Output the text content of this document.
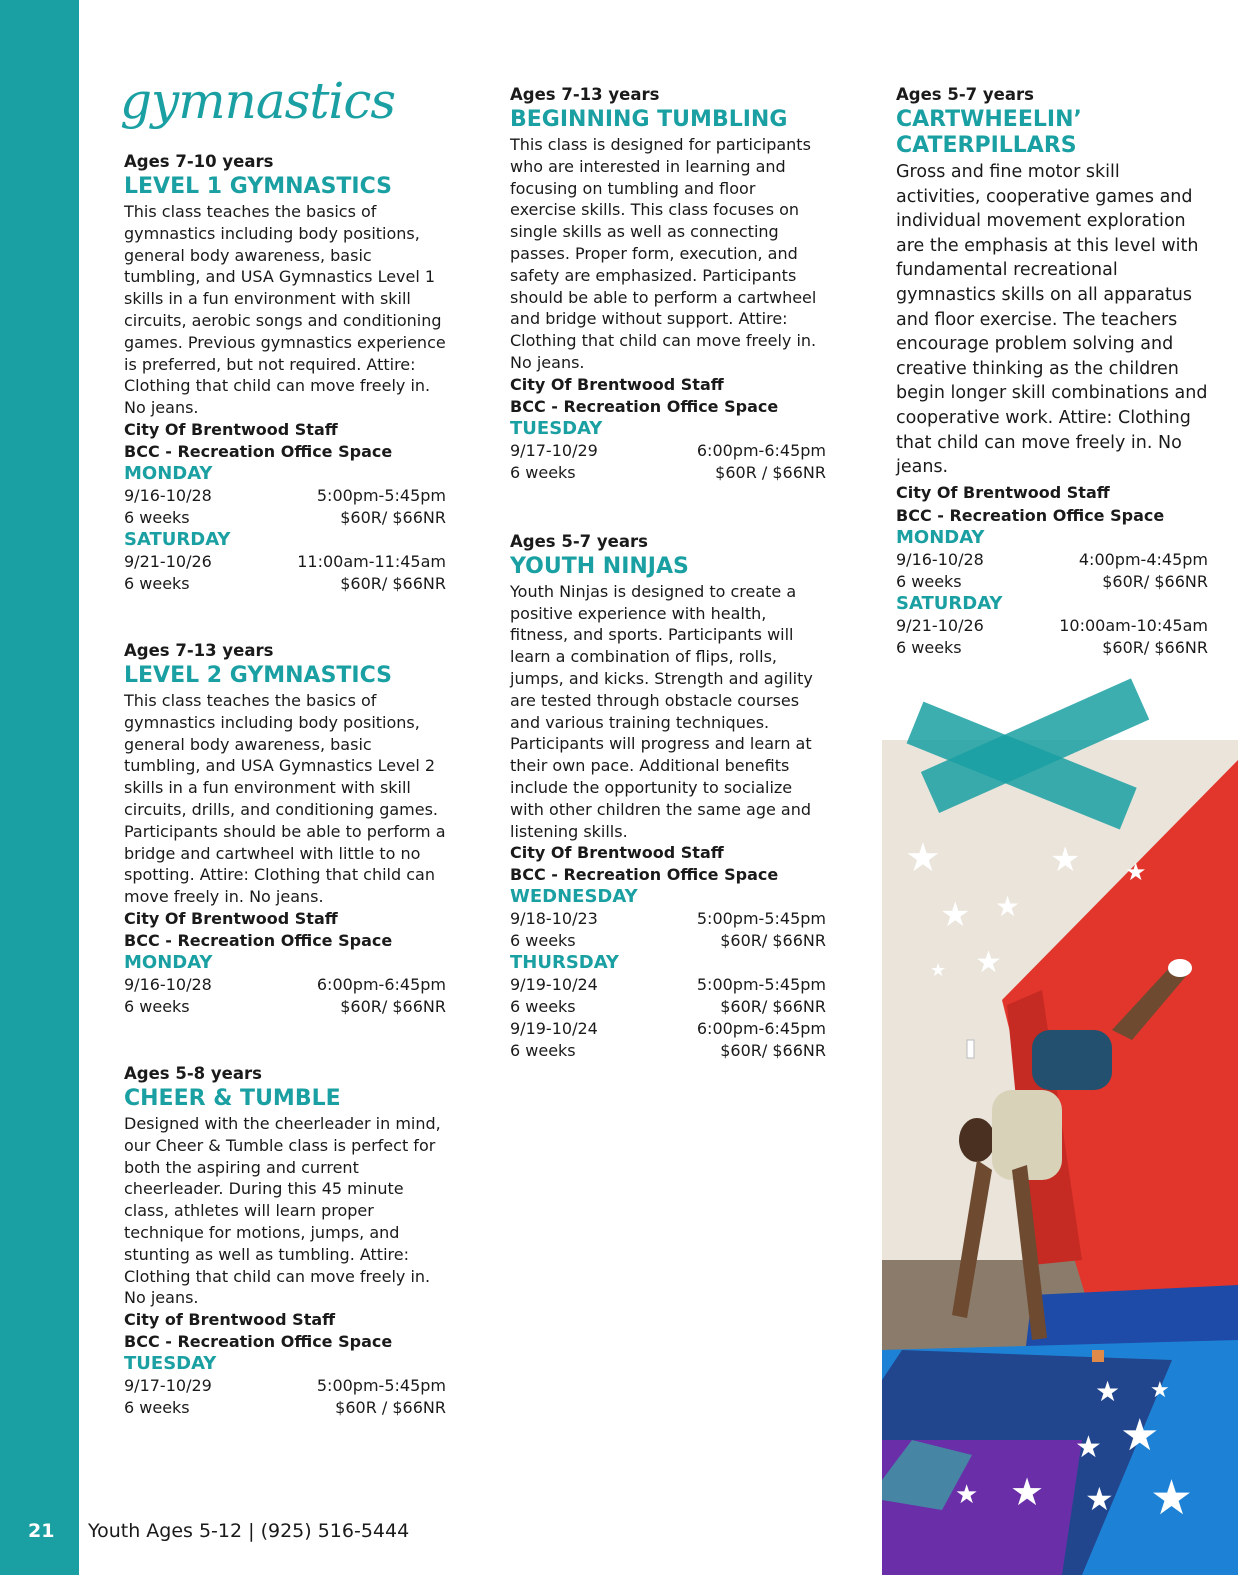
gymnastics
Ages 7-10 years
LEVEL 1 GYMNASTICS
This class teaches the basics of gymnastics including body positions, general body awareness, basic tumbling, and USA Gymnastics Level 1 skills in a fun environment with skill circuits, aerobic songs and conditioning games. Previous gymnastics experience is preferred, but not required. Attire: Clothing that child can move freely in. No jeans.
City Of Brentwood Staff
BCC - Recreation Office Space
MONDAY
9/16-10/28	5:00pm-5:45pm
6 weeks	$60R/ $66NR
SATURDAY
9/21-10/26	11:00am-11:45am
6 weeks	$60R/ $66NR
Ages 7-13 years
LEVEL 2 GYMNASTICS
This class teaches the basics of gymnastics including body positions, general body awareness, basic tumbling, and USA Gymnastics Level 2 skills in a fun environment with skill circuits, drills, and conditioning games. Participants should be able to perform a bridge and cartwheel with little to no spotting. Attire: Clothing that child can move freely in. No jeans.
City Of Brentwood Staff
BCC - Recreation Office Space
MONDAY
9/16-10/28	6:00pm-6:45pm
6 weeks	$60R/ $66NR
Ages 5-8 years
CHEER & TUMBLE
Designed with the cheerleader in mind, our Cheer & Tumble class is perfect for both the aspiring and current cheerleader. During this 45 minute class, athletes will learn proper technique for motions, jumps, and stunting as well as tumbling. Attire: Clothing that child can move freely in. No jeans.
City of Brentwood Staff
BCC - Recreation Office Space
TUESDAY
9/17-10/29	5:00pm-5:45pm
6 weeks	$60R / $66NR
Ages 7-13 years
BEGINNING TUMBLING
This class is designed for participants who are interested in learning and focusing on tumbling and floor exercise skills. This class focuses on single skills as well as connecting passes. Proper form, execution, and safety are emphasized. Participants should be able to perform a cartwheel and bridge without support. Attire: Clothing that child can move freely in. No jeans.
City Of Brentwood Staff
BCC - Recreation Office Space
TUESDAY
9/17-10/29	6:00pm-6:45pm
6 weeks	$60R / $66NR
Ages 5-7 years
YOUTH NINJAS
Youth Ninjas is designed to create a positive experience with health, fitness, and sports. Participants will learn a combination of flips, rolls, jumps, and kicks. Strength and agility are tested through obstacle courses and various training techniques. Participants will progress and learn at their own pace. Additional benefits include the opportunity to socialize with other children the same age and listening skills.
City Of Brentwood Staff
BCC - Recreation Office Space
WEDNESDAY
9/18-10/23	5:00pm-5:45pm
6 weeks	$60R/ $66NR
THURSDAY
9/19-10/24	5:00pm-5:45pm
6 weeks	$60R/ $66NR
9/19-10/24	6:00pm-6:45pm
6 weeks	$60R/ $66NR
Ages 5-7 years
CARTWHEELIN’ CATERPILLARS
Gross and fine motor skill activities, cooperative games and individual movement exploration are the emphasis at this level with fundamental recreational gymnastics skills on all apparatus and floor exercise. The teachers encourage problem solving and creative thinking as the children begin longer skill combinations and cooperative work. Attire: Clothing that child can move freely in. No jeans.
City Of Brentwood Staff
BCC - Recreation Office Space
MONDAY
9/16-10/28	4:00pm-4:45pm
6 weeks	$60R/ $66NR
SATURDAY
9/21-10/26	10:00am-10:45am
6 weeks	$60R/ $66NR
★	★ ★
★ ★
★
★
★ ★
★ ★
★ ★ ★ ★
21 Youth Ages 5-12 | (925) 516-5444
